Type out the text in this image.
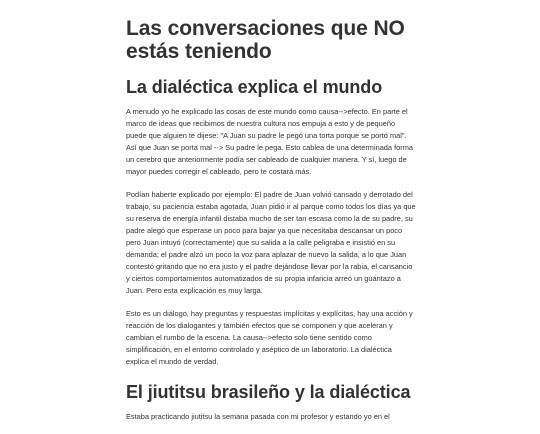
Las conversaciones que NO estás teniendo
La dialéctica explica el mundo

A menudo yo he explicado las cosas de este mundo como causa-->efecto. En parte el marco de ideas que recibimos de nuestra cultura nos empuja a esto y de pequeño puede que alguien te dijese: "A Juan su padre le pegó una torta porque se portó mal". Así que Juan se porta mal --> Su padre le pega. Esto cablea de una determinada forma un cerebro que anteriormente podía ser cableado de cualquier manera. Y sí, luego de mayor puedes corregir el cableado, pero te costará más.

Podían haberte explicado por ejemplo: El padre de Juan volvió cansado y derrotado del trabajo, su paciencia estaba agotada, Juan pidió ir al parque como todos los días ya que su reserva de energía infantil distaba mucho de ser tan escasa como la de su padre, su padre alegó que esperase un poco para bajar ya que necesitaba descansar un poco pero Juan intuyó (correctamente) que su salida a la calle peligraba e insistió en su demanda; el padre alzó un poco la voz para aplazar de nuevo la salida, a lo que Juan contestó gritando que no era justo y el padre dejándose llevar por la rabia, el cansancio y ciertos comportamientos automatizados de su propia infancia arreó un guantazo a Juan. Pero esta explicación es muy larga.

Esto es un diálogo, hay preguntas y respuestas implícitas y explícitas, hay una acción y reacción de los dialogantes y también efectos que se componen y que aceleran y cambian el rumbo de la escena. La causa-->efecto solo tiene sentido como simplificación, en el entorno controlado y aséptico de un laboratorio. La dialéctica explica el mundo de verdad.

El jiutitsu brasileño y la dialéctica

Estaba practicando jiutitsu la semana pasada con mi profesor y estando yo en el
